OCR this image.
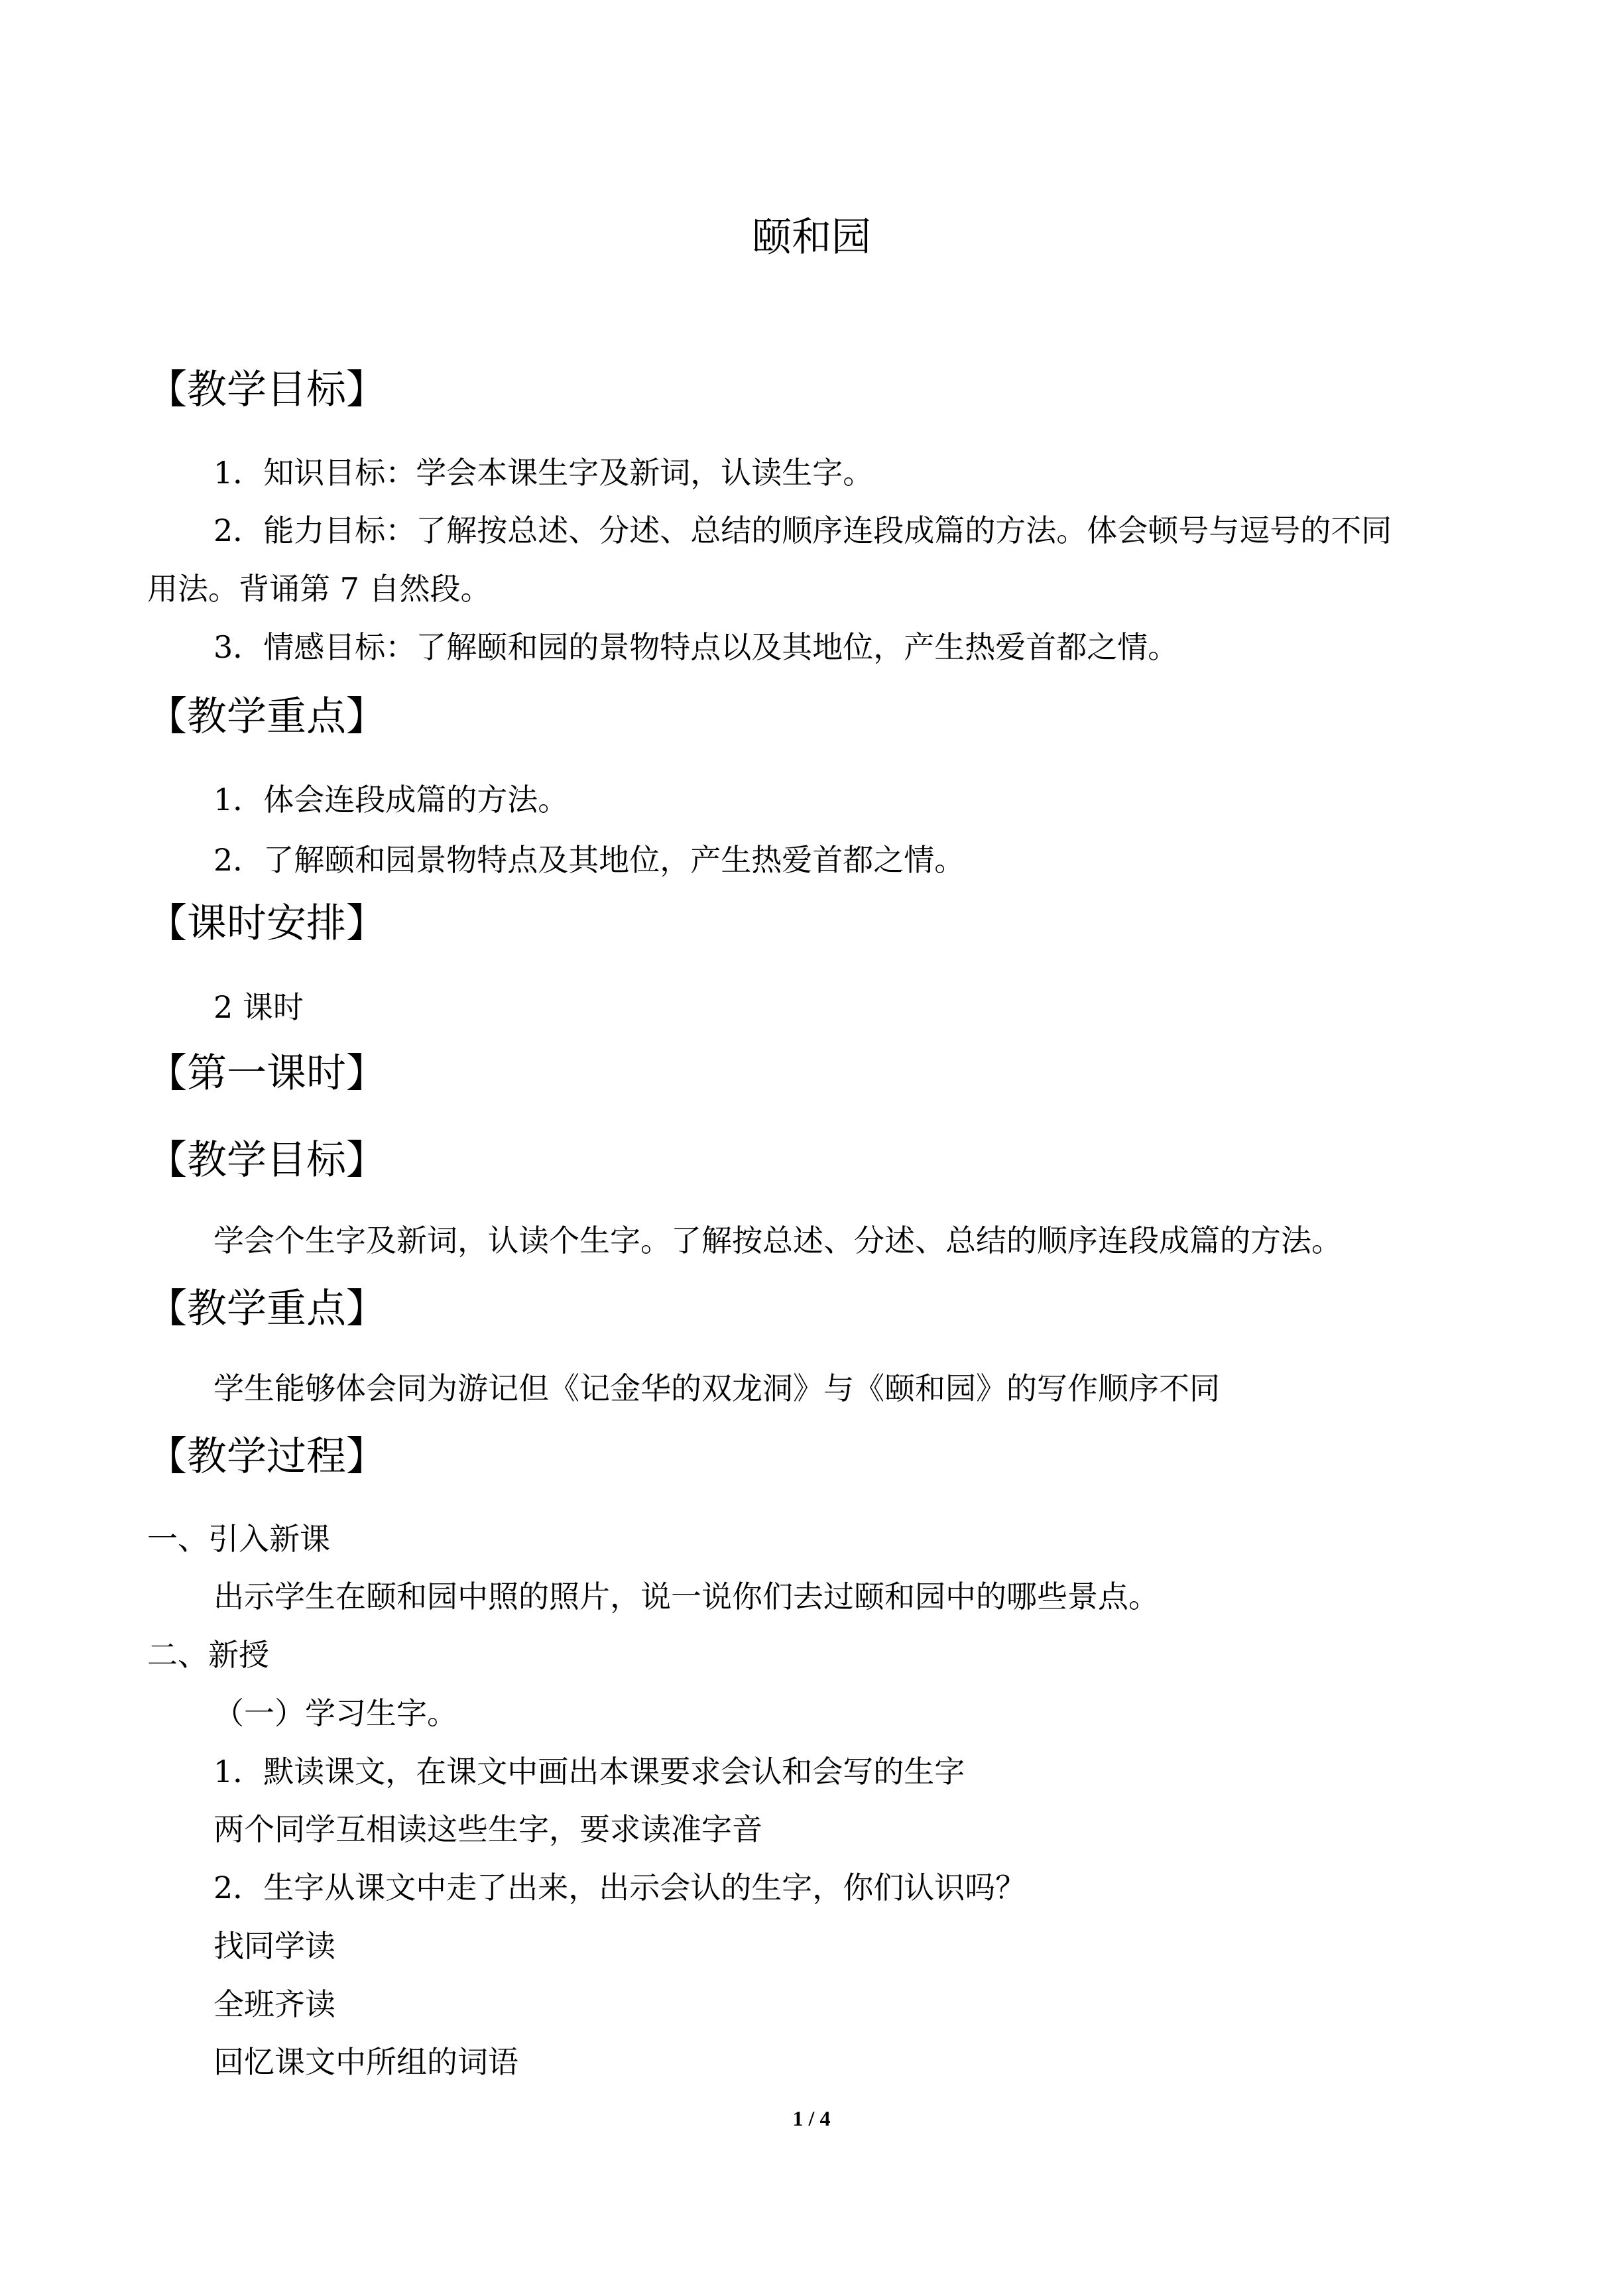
颐和园
【教学目标】
1．知识目标：学会本课生字及新词，认读生字。
2．能力目标：了解按总述、分述、总结的顺序连段成篇的方法。体会顿号与逗号的不同
用法。背诵第 7 自然段。
3．情感目标：了解颐和园的景物特点以及其地位，产生热爱首都之情。
【教学重点】
1．体会连段成篇的方法。
2．了解颐和园景物特点及其地位，产生热爱首都之情。
【课时安排】
2 课时
【第一课时】
【教学目标】
学会个生字及新词，认读个生字。了解按总述、分述、总结的顺序连段成篇的方法。
【教学重点】
学生能够体会同为游记但《记金华的双龙洞》与《颐和园》的写作顺序不同
【教学过程】
一、引入新课
出示学生在颐和园中照的照片，说一说你们去过颐和园中的哪些景点。
二、新授
（一）学习生字。
1．默读课文，在课文中画出本课要求会认和会写的生字
两个同学互相读这些生字，要求读准字音
2．生字从课文中走了出来，出示会认的生字，你们认识吗？
找同学读
全班齐读
回忆课文中所组的词语
1 / 4
